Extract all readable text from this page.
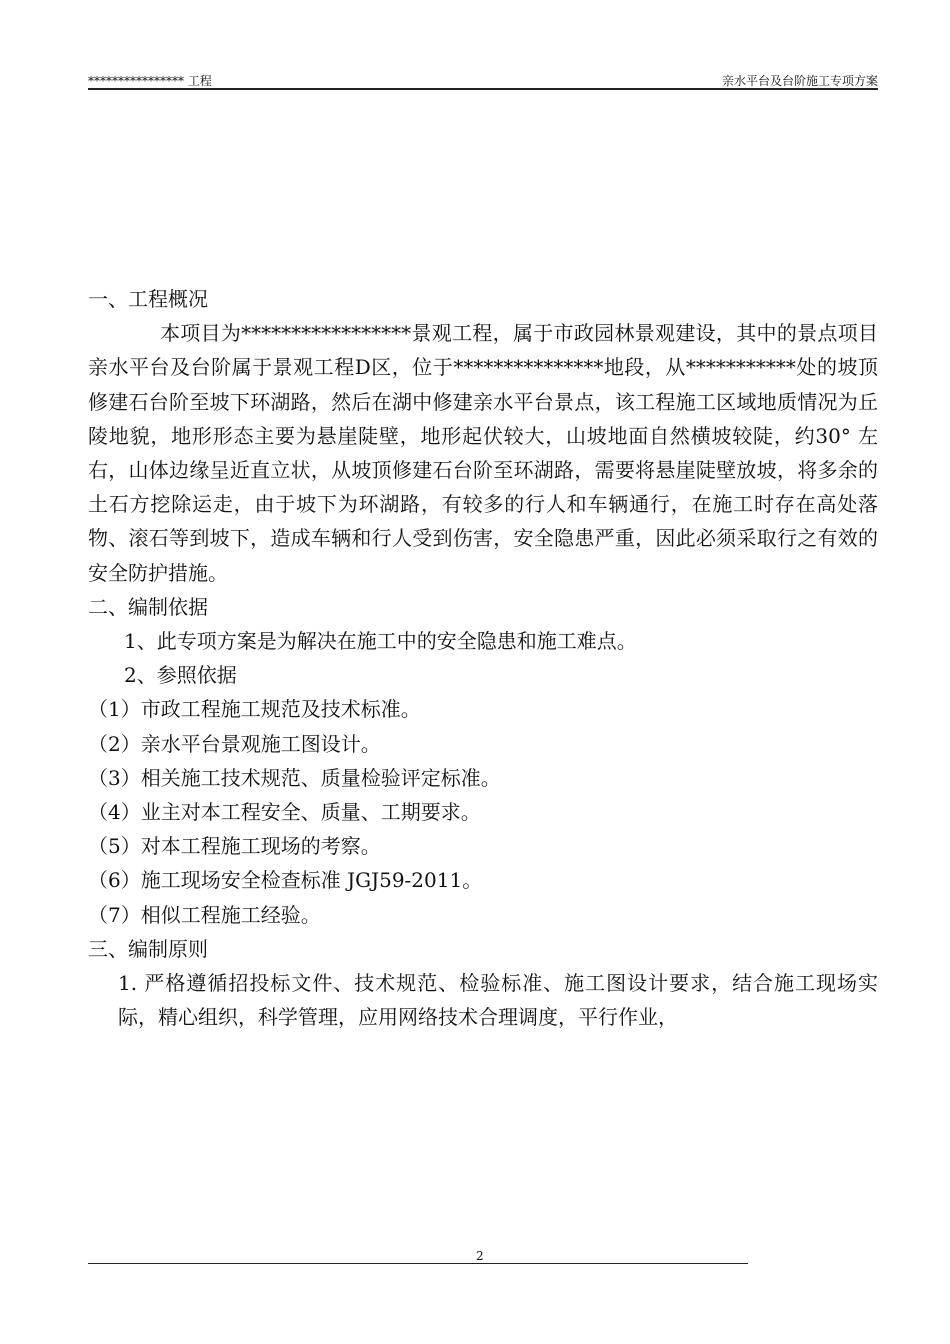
**************** 工程	亲水平台及台阶施工专项方案

一、工程概况

本项目为*****************景观工程，属于市政园林景观建设，其中的景点项目亲水平台及台阶属于景观工程D区，位于***************地段，从***********处的坡顶修建石台阶至坡下环湖路，然后在湖中修建亲水平台景点，该工程施工区域地质情况为丘陵地貌，地形形态主要为悬崖陡壁，地形起伏较大，山坡地面自然横坡较陡，约30° 左右，山体边缘呈近直立状，从坡顶修建石台阶至环湖路，需要将悬崖陡壁放坡，将多余的土石方挖除运走，由于坡下为环湖路，有较多的行人和车辆通行，在施工时存在高处落物、滚石等到坡下，造成车辆和行人受到伤害，安全隐患严重，因此必须采取行之有效的安全防护措施。

二、编制依据

1、此专项方案是为解决在施工中的安全隐患和施工难点。

2、参照依据

（1）市政工程施工规范及技术标准。

（2）亲水平台景观施工图设计。

（3）相关施工技术规范、质量检验评定标准。

（4）业主对本工程安全、质量、工期要求。

（5）对本工程施工现场的考察。

（6）施工现场安全检查标准 JGJ59-2011。

（7）相似工程施工经验。

三、编制原则

1. 严格遵循招投标文件、技术规范、检验标准、施工图设计要求，结合施工现场实际，精心组织，科学管理，应用网络技术合理调度，平行作业，

2
